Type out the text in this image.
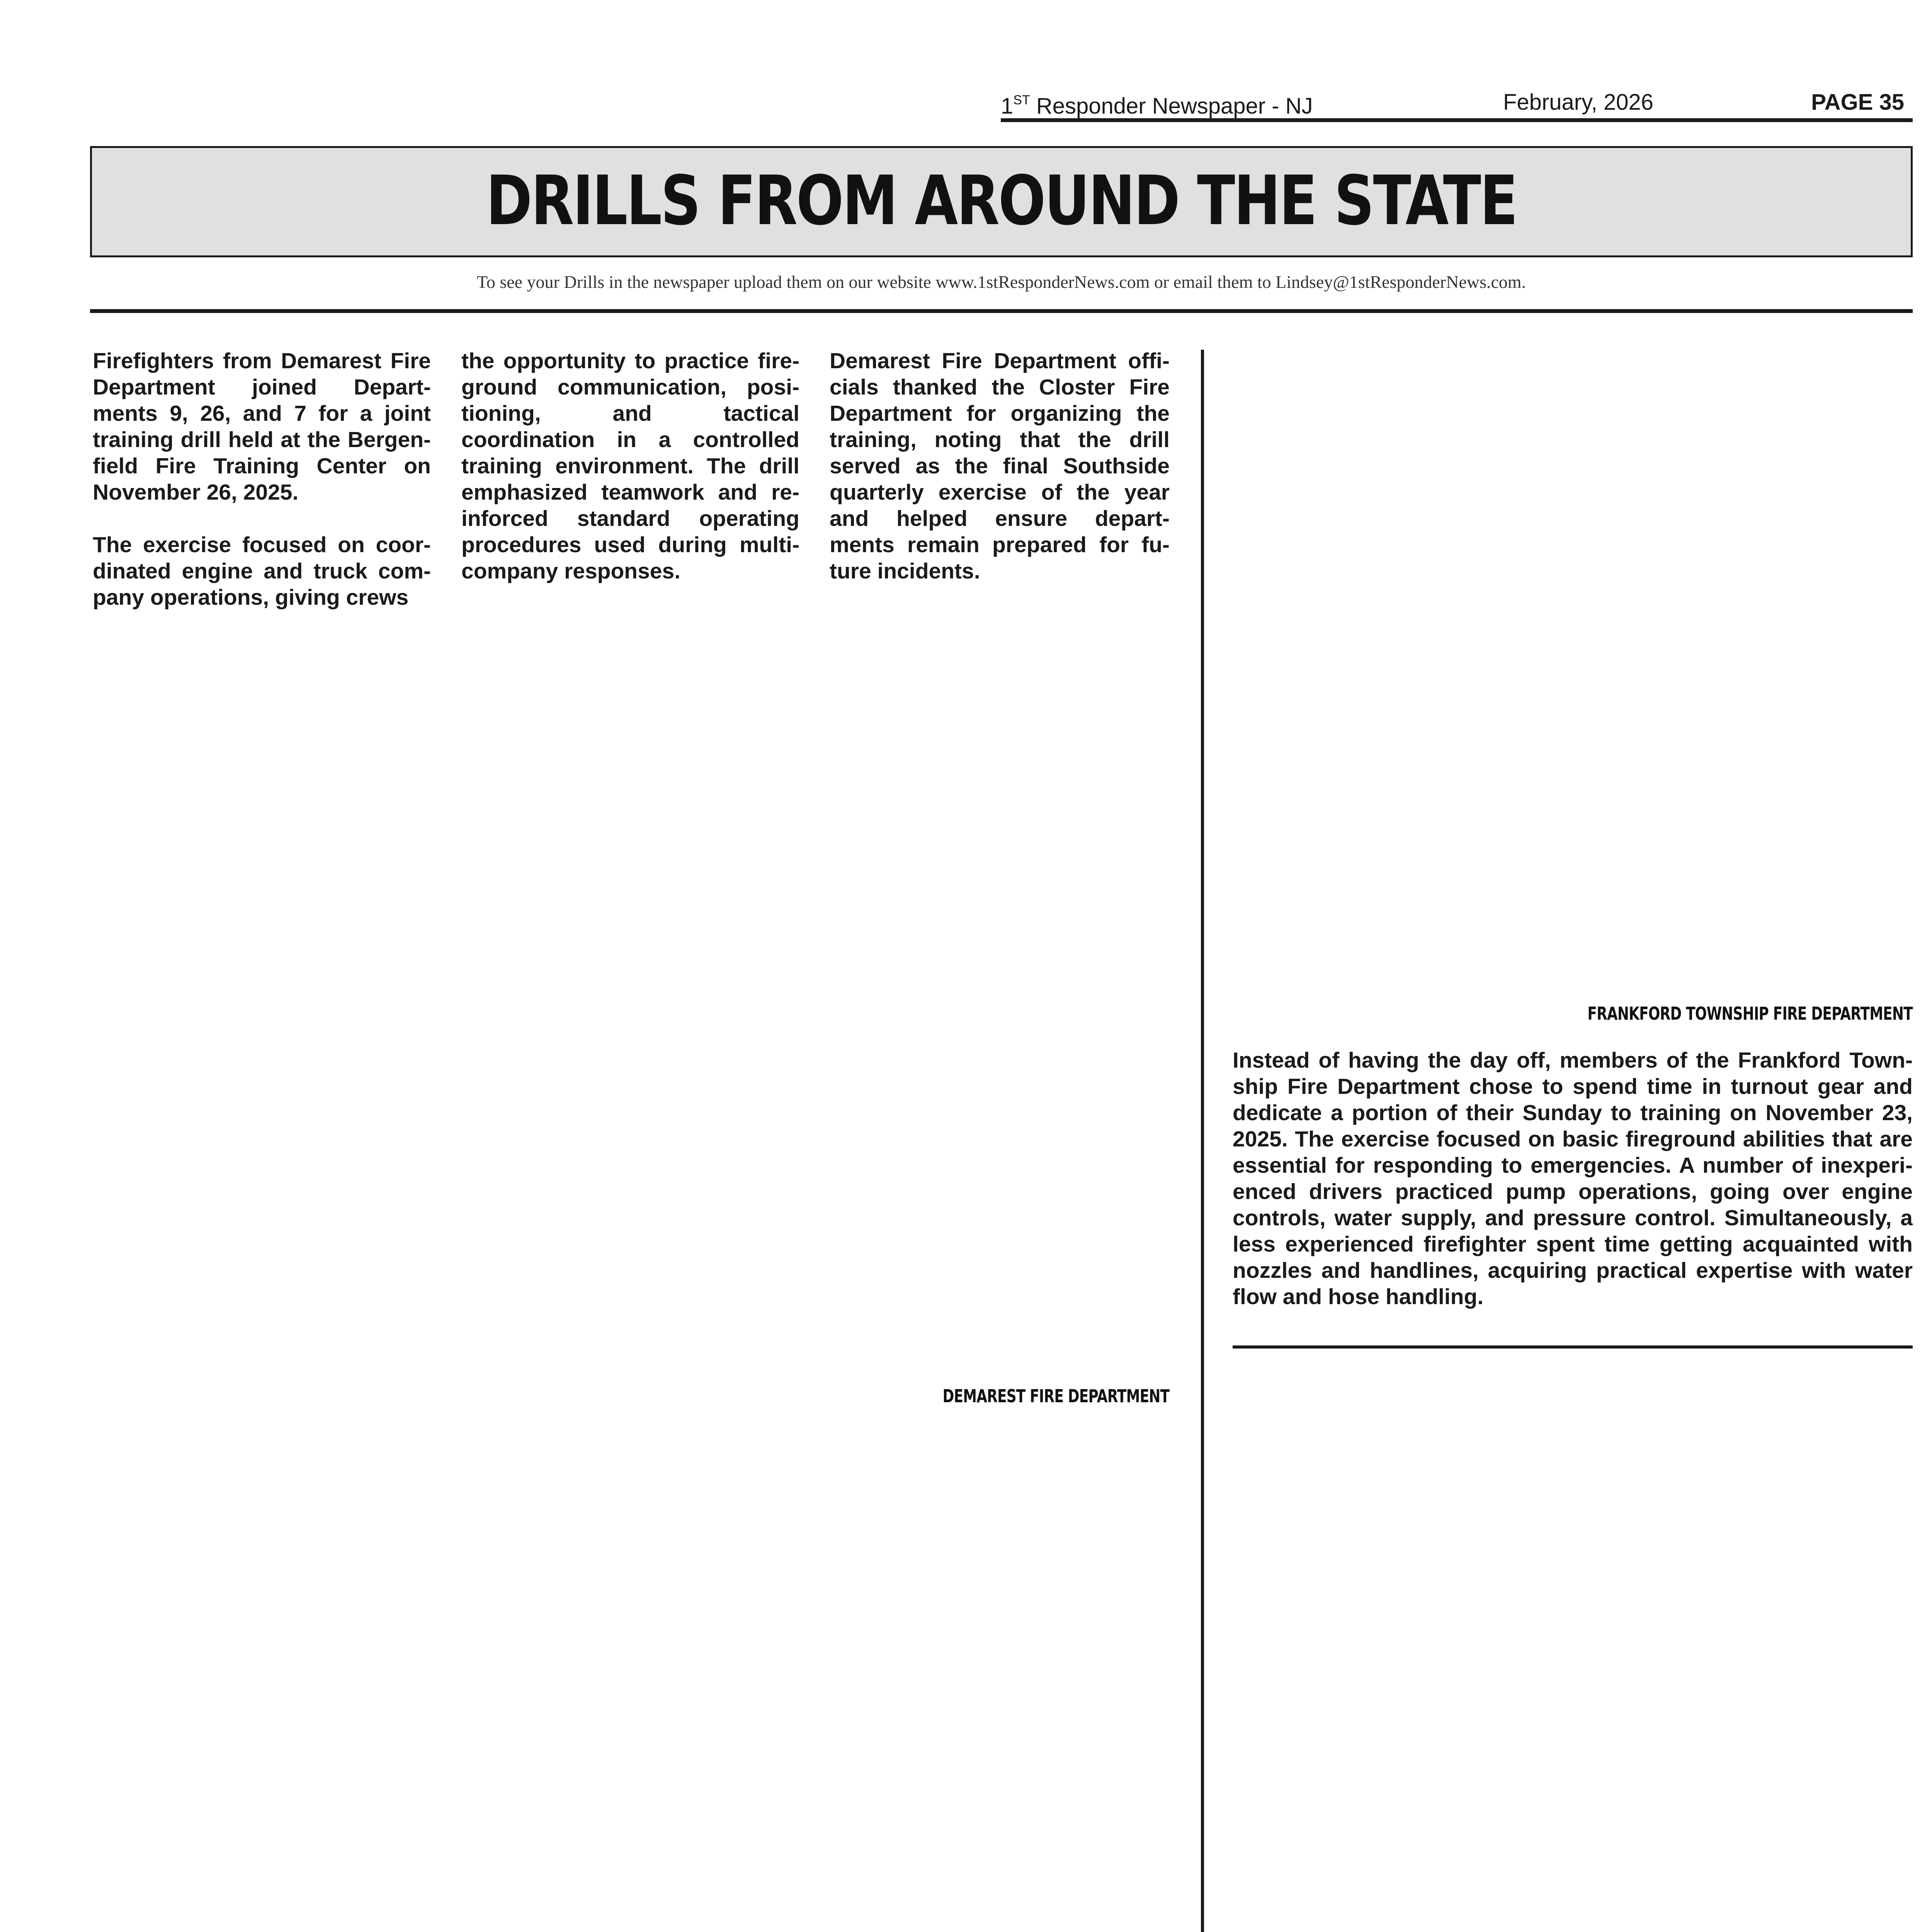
1ST Responder Newspaper - NJ	February, 2026	PAGE 35
DRILLS FROM AROUND THE STATE
To see your Drills in the newspaper upload them on our website www.1stResponderNews.com or email them to Lindsey@1stResponderNews.com.

Firefighters from Demarest Fire Department joined Depart-ments 9, 26, and 7 for a joint training drill held at the Bergen-field Fire Training Center on November 26, 2025.

The exercise focused on coor-dinated engine and truck com-pany operations, giving crews

the opportunity to practice fire-ground communication, posi-tioning, and tactical coordination in a controlled training environment. The drill emphasized teamwork and re-inforced standard operating procedures used during multi-company responses.

Demarest Fire Department offi-cials thanked the Closter Fire Department for organizing the training, noting that the drill served as the final Southside quarterly exercise of the year and helped ensure depart-ments remain prepared for fu-ture incidents.

FRANKFORD TOWNSHIP FIRE DEPARTMENT
DEMAREST FIRE DEPARTMENT
Instead of having the day off, members of the Frankford Town-ship Fire Department chose to spend time in turnout gear and dedicate a portion of their Sunday to training on November 23, 2025. The exercise focused on basic fireground abilities that are essential for responding to emergencies. A number of inexperi-enced drivers practiced pump operations, going over engine controls, water supply, and pressure control. Simultaneously, a less experienced firefighter spent time getting acquainted with nozzles and handlines, acquiring practical expertise with water flow and hose handling.
